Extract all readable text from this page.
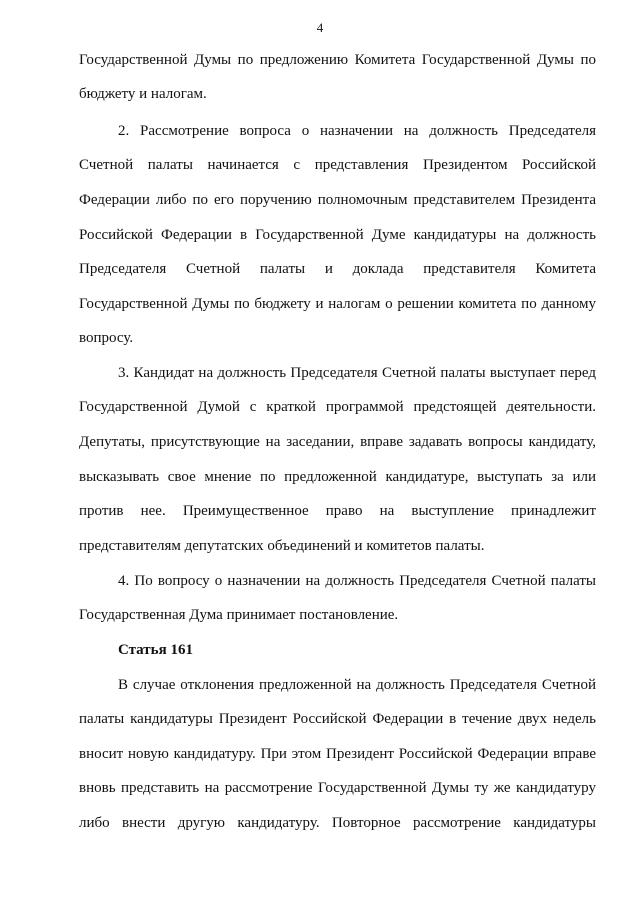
4
Государственной Думы по предложению Комитета Государственной Думы по
бюджету и налогам.
2. Рассмотрение вопроса о назначении на должность Председателя
Счетной палаты начинается с представления Президентом Российской
Федерации либо по его поручению полномочным представителем Президента
Российской Федерации в Государственной Думе кандидатуры на должность
Председателя Счетной палаты и доклада представителя Комитета
Государственной Думы по бюджету и налогам о решении комитета по данному
вопросу.
3. Кандидат на должность Председателя Счетной палаты выступает перед
Государственной Думой с краткой программой предстоящей деятельности.
Депутаты, присутствующие на заседании, вправе задавать вопросы кандидату,
высказывать свое мнение по предложенной кандидатуре, выступать за или
против нее. Преимущественное право на выступление принадлежит
представителям депутатских объединений и комитетов палаты.
4. По вопросу о назначении на должность Председателя Счетной палаты
Государственная Дума принимает постановление.
Статья 161
В случае отклонения предложенной на должность Председателя Счетной
палаты кандидатуры Президент Российской Федерации в течение двух недель
вносит новую кандидатуру. При этом Президент Российской Федерации вправе
вновь представить на рассмотрение Государственной Думы ту же кандидатуру
либо внести другую кандидатуру. Повторное рассмотрение кандидатуры
